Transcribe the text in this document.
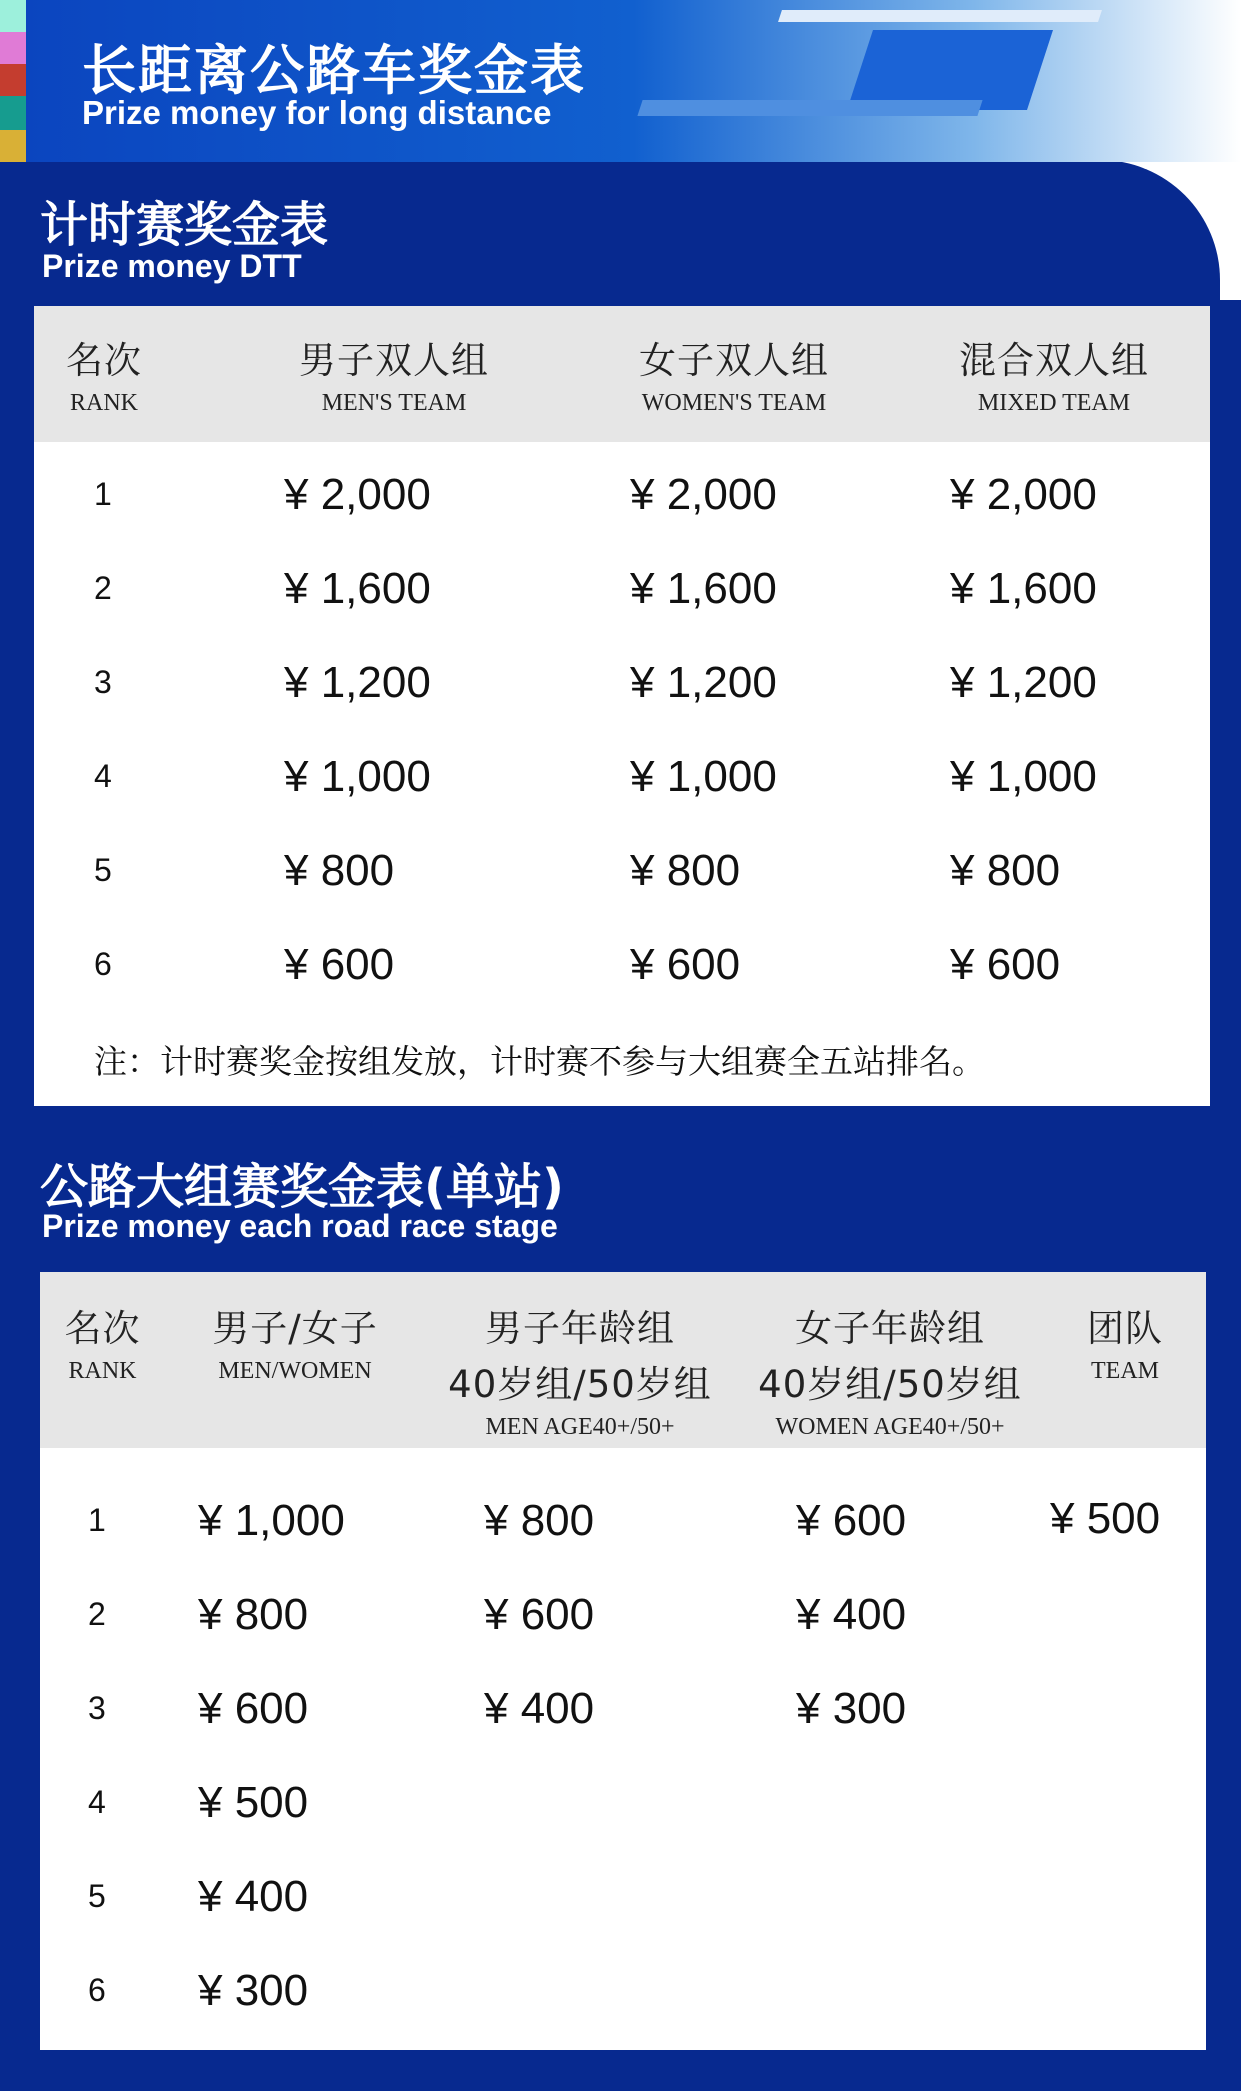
长距离公路车奖金表
Prize money for long distance
计时赛奖金表
Prize money DTT
名次
RANK
男子双人组
MEN'S TEAM
女子双人组
WOMEN'S TEAM
混合双人组
MIXED TEAM
1	¥ 2,000	¥ 2,000	¥ 2,000
2	¥ 1,600	¥ 1,600	¥ 1,600
3	¥ 1,200	¥ 1,200	¥ 1,200
4	¥ 1,000	¥ 1,000	¥ 1,000
5	¥ 800	¥ 800	¥ 800
6	¥ 600	¥ 600	¥ 600
注：计时赛奖金按组发放，计时赛不参与大组赛全五站排名。
公路大组赛奖金表(单站)
Prize money each road race stage
名次
RANK
男子/女子
MEN/WOMEN
男子年龄组
40岁组/50岁组
MEN AGE40+/50+
女子年龄组
40岁组/50岁组
WOMEN AGE40+/50+
团队
TEAM
1 ¥ 1,000	¥ 800	¥ 600	¥ 500
2 ¥ 800	¥ 600	¥ 400
3 ¥ 600	¥ 400	¥ 300
4 ¥ 500
5 ¥ 400
6 ¥ 300
